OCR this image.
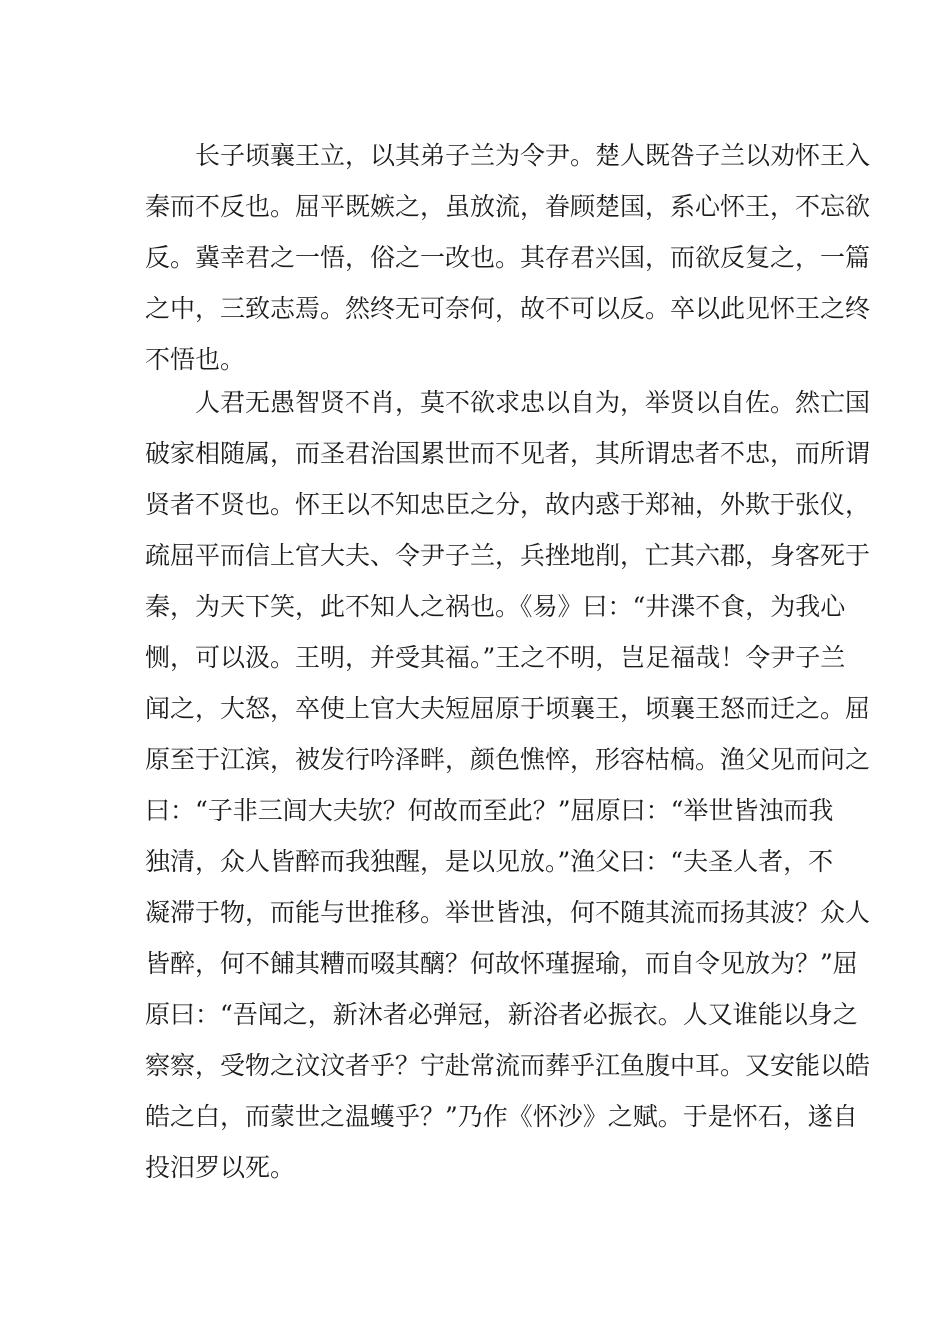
长子顷襄王立，以其弟子兰为令尹。楚人既咎子兰以劝怀王入
秦而不反也。屈平既嫉之，虽放流，眷顾楚国，系心怀王，不忘欲
反。冀幸君之一悟，俗之一改也。其存君兴国，而欲反复之，一篇
之中，三致志焉。然终无可奈何，故不可以反。卒以此见怀王之终
不悟也。
人君无愚智贤不肖，莫不欲求忠以自为，举贤以自佐。然亡国
破家相随属，而圣君治国累世而不见者，其所谓忠者不忠，而所谓
贤者不贤也。怀王以不知忠臣之分，故内惑于郑袖，外欺于张仪，
疏屈平而信上官大夫、令尹子兰，兵挫地削，亡其六郡，身客死于
秦，为天下笑，此不知人之祸也。《易》曰：“井渫不食，为我心
恻，可以汲。王明，并受其福。”王之不明，岂足福哉！令尹子兰
闻之，大怒，卒使上官大夫短屈原于顷襄王，顷襄王怒而迁之。屈
原至于江滨，被发行吟泽畔，颜色憔悴，形容枯槁。渔父见而问之
曰：“子非三闾大夫欤？何故而至此？”屈原曰：“举世皆浊而我
独清，众人皆醉而我独醒，是以见放。”渔父曰：“夫圣人者，不
凝滞于物，而能与世推移。举世皆浊，何不随其流而扬其波？众人
皆醉，何不餔其糟而啜其醨？何故怀瑾握瑜，而自令见放为？”屈
原曰：“吾闻之，新沐者必弹冠，新浴者必振衣。人又谁能以身之
察察，受物之汶汶者乎？宁赴常流而葬乎江鱼腹中耳。又安能以皓
皓之白，而蒙世之温蠖乎？”乃作《怀沙》之赋。于是怀石，遂自
投汨罗以死。
